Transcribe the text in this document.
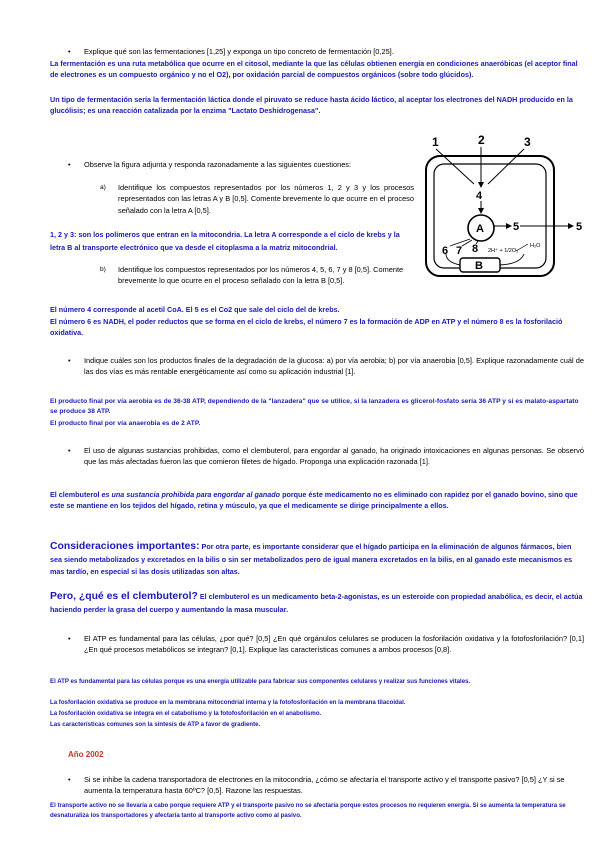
• Explique qué son las fermentaciones [1,25] y exponga un tipo concreto de fermentación [0,25].
La fermentación es una ruta metabólica que ocurre en el citosol, mediante la que las células obtienen energía en condiciones anaeróbicas (el aceptor final de electrones es un compuesto orgánico y no el O2), por oxidación parcial de compuestos orgánicos (sobre todo glúcidos).
Un tipo de fermentación sería la fermentación láctica donde el piruvato se reduce hasta ácido láctico, al aceptar los electrones del NADH producido en la glucólisis; es una reacción catalizada por la enzima "Lactato Deshidrogenasa".
• Observe la figura adjunta y responda razonadamente a las siguientes cuestiones:
a) Identifique los compuestos representados por los números 1, 2 y 3 y los procesos representados con las letras A y B [0,5]. Comente brevemente lo que ocurre en el proceso señalado con la letra A [0,5].
1, 2 y 3: son los polímeros que entran en la mitocondria. La letra A corresponde a el ciclo de krebs y la letra B al transporte electrónico que va desde el citoplasma a la matriz mitocondrial.
b) Identifique los compuestos representados por los números 4, 5, 6, 7 y 8 [0,5]. Comente brevemente lo que ocurre en el proceso señalado con la letra B [0,5].
El número 4 corresponde al acetil CoA. El 5 es el Co2 que sale del ciclo del de krebs.
El número 6 es NADH, el poder reductos que se forma en el ciclo de krebs, el número 7 es la formación de ADP en ATP y el número 8 es la fosforilació oxidativa.
1	2	3
4
A	5	5
2H⁺ + 1/2O₂
H₂O
6 7 8
B
• Indique cuáles son los productos finales de la degradación de la glucosa: a) por vía aerobia; b) por vía anaerobia [0,5]. Explique razonadamente cuál de las dos vías es más rentable energéticamente así como su aplicación industrial [1].
El producto final por vía aerobia es de 36-38 ATP, dependiendo de la "lanzadera" que se utilice, si la lanzadera es glicerol-fosfato sería 36 ATP y si es malato-aspartato se produce 38 ATP.
El producto final por vía anaerobia es de 2 ATP.
• El uso de algunas sustancias prohibidas, como el clembuterol, para engordar al ganado, ha originado intoxicaciones en algunas personas. Se observó que las más afectadas fueron las que comieron filetes de hígado. Proponga una explicación razonada [1].
El clembuterol es una sustancia prohibida para engordar al ganado porque éste medicamento no es eliminado con rapidez por el ganado bovino, sino que este se mantiene en los tejidos del hígado, retina y músculo, ya que el medicamente se dirige principalmente a ellos.
Consideraciones importantes: Por otra parte, es importante considerar que el hígado participa en la eliminación de algunos fármacos, bien sea siendo metabolizados y excretados en la bilis o sin ser metabolizados pero de igual manera excretados en la bilis, en al ganado este mecanismos es mas tardío, en especial si las dosis utilizadas son altas.
Pero, ¿qué es el clembuterol? El clembuterol es un medicamento beta-2-agonistas, es un esteroide con propiedad anabólica, es decir, el actúa haciendo perder la grasa del cuerpo y aumentando la masa muscular.
• El ATP es fundamental para las células, ¿por qué? [0,5] ¿En qué orgánulos celulares se producen la fosforilación oxidativa y la fotofosforilación? [0,1] ¿En qué procesos metabólicos se integran? [0,1]. Explique las características comunes a ambos procesos [0,8].
El ATP es fundamental para las células porque es una energía utilizable para fabricar sus componentes celulares y realizar sus funciones vitales.
La fosforilación oxidativa se produce en la membrana mitocondrial interna y la fotofosforilación en la membrana tilacoidal.
La fosforilación oxidativa se integra en el catabolismo y la fotofosforilación en el anabolismo.
Las características comunes son la síntesis de ATP a favor de gradiente.
Año 2002
• Si se inhibe la cadena transportadora de electrones en la mitocondria, ¿cómo se afectaría el transporte activo y el transporte pasivo? [0,5] ¿Y si se aumenta la temperatura hasta 60ºC? [0,5]. Razone las respuestas.
El transporte activo no se llevaría a cabo porque requiere ATP y el transporte pasivo no se afectaría porque estos procesos no requieren energía. Si se aumenta la temperatura se desnaturaliza los transportadores y afectaría tanto al transporte activo como al pasivo.
